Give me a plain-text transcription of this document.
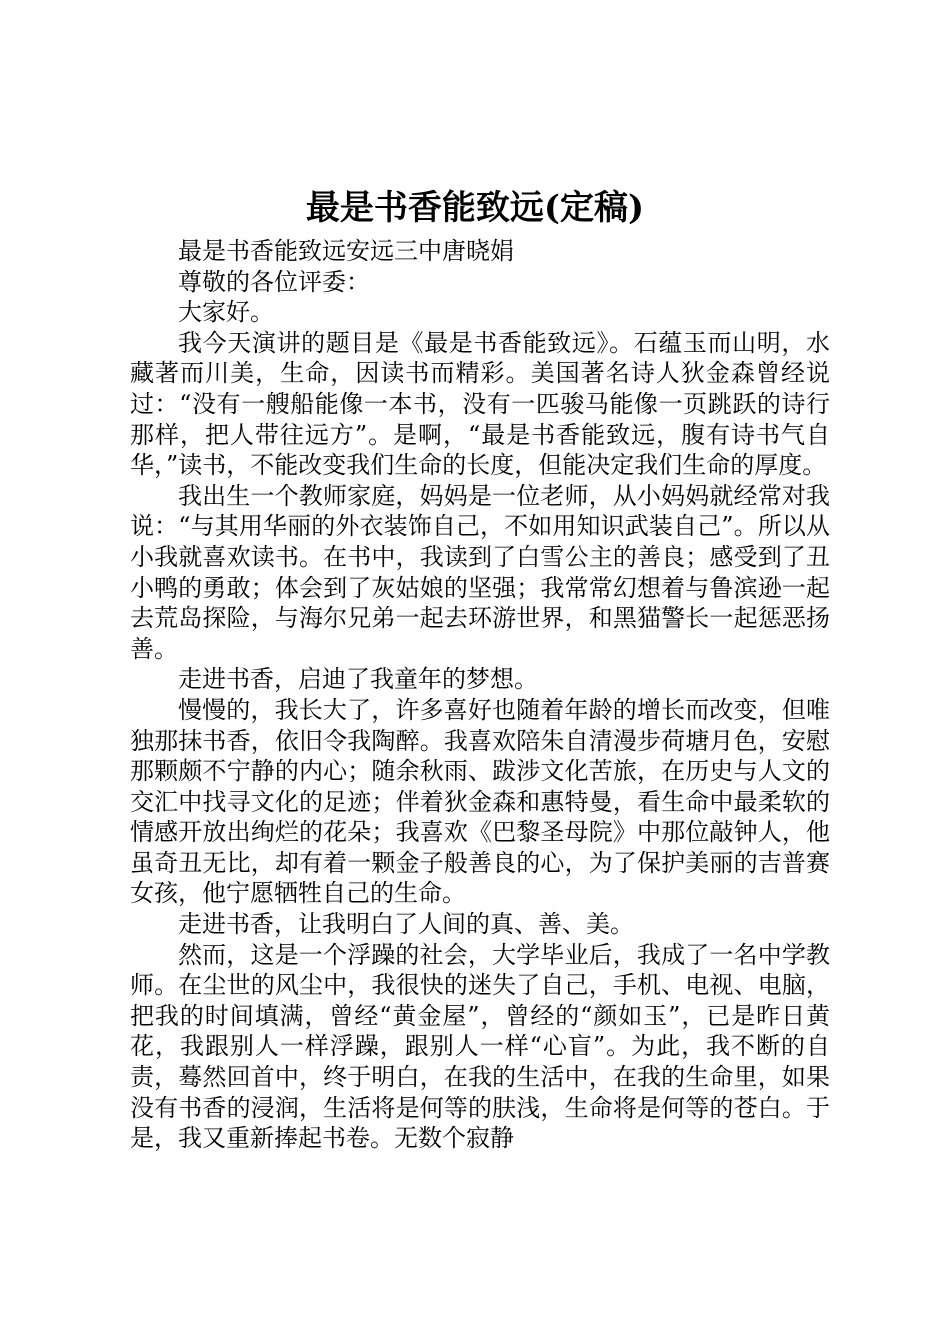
最是书香能致远(定稿)

最是书香能致远安远三中唐晓娟

尊敬的各位评委：

大家好。

我今天演讲的题目是《最是书香能致远》。石蕴玉而山明，水藏著而川美，生命，因读书而精彩。美国著名诗人狄金森曾经说过：“没有一艘船能像一本书，没有一匹骏马能像一页跳跃的诗行那样，把人带往远方”。是啊，“最是书香能致远，腹有诗书气自华，”读书，不能改变我们生命的长度，但能决定我们生命的厚度。

我出生一个教师家庭，妈妈是一位老师，从小妈妈就经常对我说：“与其用华丽的外衣装饰自己，不如用知识武装自己”。所以从小我就喜欢读书。在书中，我读到了白雪公主的善良；感受到了丑小鸭的勇敢；体会到了灰姑娘的坚强；我常常幻想着与鲁滨逊一起去荒岛探险，与海尔兄弟一起去环游世界，和黑猫警长一起惩恶扬善。

走进书香，启迪了我童年的梦想。

慢慢的，我长大了，许多喜好也随着年龄的增长而改变，但唯独那抹书香，依旧令我陶醉。我喜欢陪朱自清漫步荷塘月色，安慰那颗颇不宁静的内心；随余秋雨、跋涉文化苦旅，在历史与人文的交汇中找寻文化的足迹；伴着狄金森和惠特曼，看生命中最柔软的情感开放出绚烂的花朵；我喜欢《巴黎圣母院》中那位敲钟人，他虽奇丑无比，却有着一颗金子般善良的心，为了保护美丽的吉普赛女孩，他宁愿牺牲自己的生命。

走进书香，让我明白了人间的真、善、美。

然而，这是一个浮躁的社会，大学毕业后，我成了一名中学教师。在尘世的风尘中，我很快的迷失了自己，手机、电视、电脑，把我的时间填满，曾经“黄金屋”，曾经的“颜如玉”，已是昨日黄花，我跟别人一样浮躁，跟别人一样“心盲”。为此，我不断的自责，蓦然回首中，终于明白，在我的生活中，在我的生命里，如果没有书香的浸润，生活将是何等的肤浅，生命将是何等的苍白。于是，我又重新捧起书卷。无数个寂静
